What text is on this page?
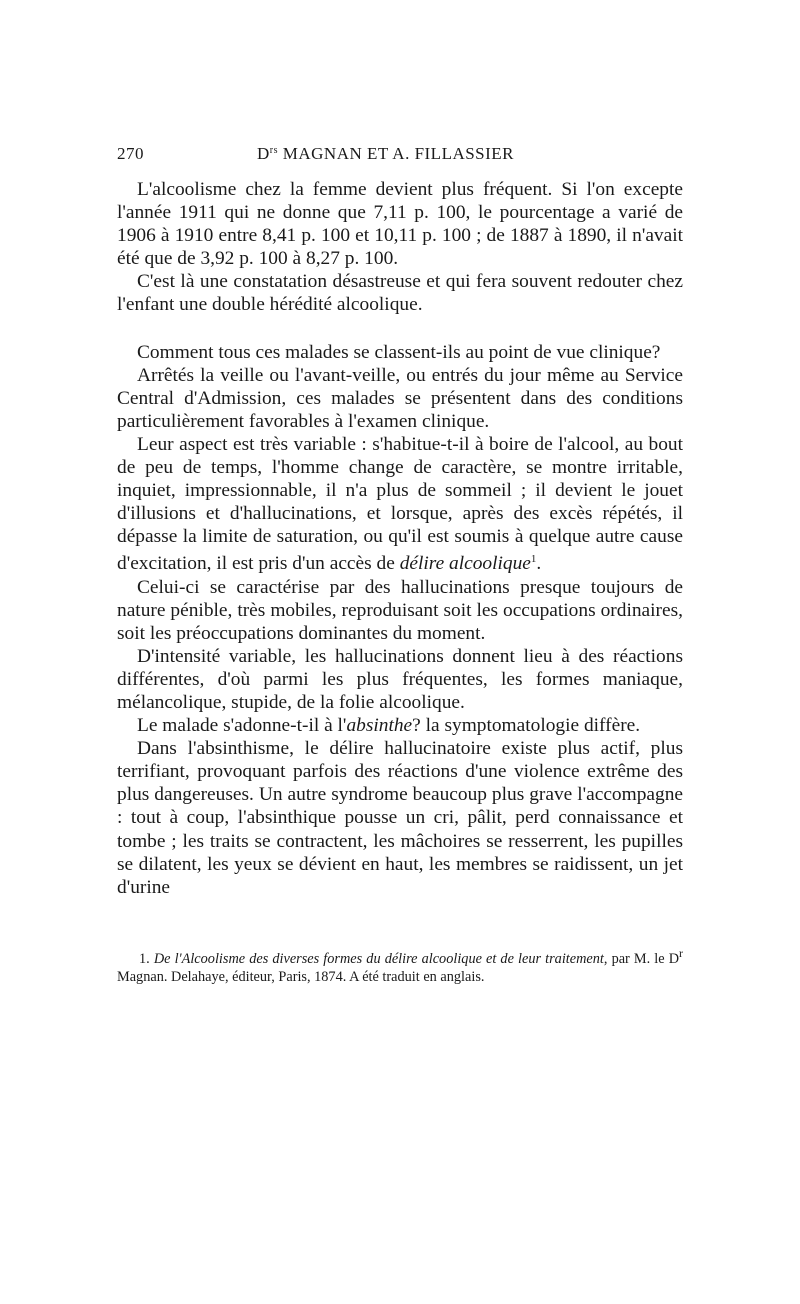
270	$D^{rs}$ MAGNAN ET A. FILLASSIER

L'alcoolisme chez la femme devient plus fréquent. Si l'on excepte l'année 1911 qui ne donne que 7,11 p. 100, le pourcentage a varié de 1906 à 1910 entre 8,41 p. 100 et 10,11 p. 100 ; de 1887 à 1890, il n'avait été que de 3,92 p. 100 à 8,27 p. 100.

C'est là une constatation désastreuse et qui fera souvent redouter chez l'enfant une double hérédité alcoolique.

Comment tous ces malades se classent-ils au point de vue clinique?

Arrêtés la veille ou l'avant-veille, ou entrés du jour même au Service Central d'Admission, ces malades se présentent dans des conditions particulièrement favorables à l'examen clinique.

Leur aspect est très variable : s'habitue-t-il à boire de l'alcool, au bout de peu de temps, l'homme change de caractère, se montre irritable, inquiet, impressionnable, il n'a plus de sommeil ; il devient le jouet d'illusions et d'hallucinations, et lorsque, après des excès répétés, il dépasse la limite de saturation, ou qu'il est soumis à quelque autre cause d'excitation, il est pris d'un accès de délire alcoolique$^1$.

Celui-ci se caractérise par des hallucinations presque toujours de nature pénible, très mobiles, reproduisant soit les occupations ordinaires, soit les préoccupations dominantes du moment.

D'intensité variable, les hallucinations donnent lieu à des réactions différentes, d'où parmi les plus fréquentes, les formes maniaque, mélancolique, stupide, de la folie alcoolique.

Le malade s'adonne-t-il à l'absinthe? la symptomatologie diffère.

Dans l'absinthisme, le délire hallucinatoire existe plus actif, plus terrifiant, provoquant parfois des réactions d'une violence extrême des plus dangereuses. Un autre syndrome beaucoup plus grave l'accompagne : tout à coup, l'absinthique pousse un cri, pâlit, perd connaissance et tombe ; les traits se contractent, les mâchoires se resserrent, les pupilles se dilatent, les yeux se dévient en haut, les membres se raidissent, un jet d'urine

1. De l'Alcoolisme des diverses formes du délire alcoolique et de leur traitement, par M. le $D^r$ Magnan. Delahaye, éditeur, Paris, 1874. A été traduit en anglais.
